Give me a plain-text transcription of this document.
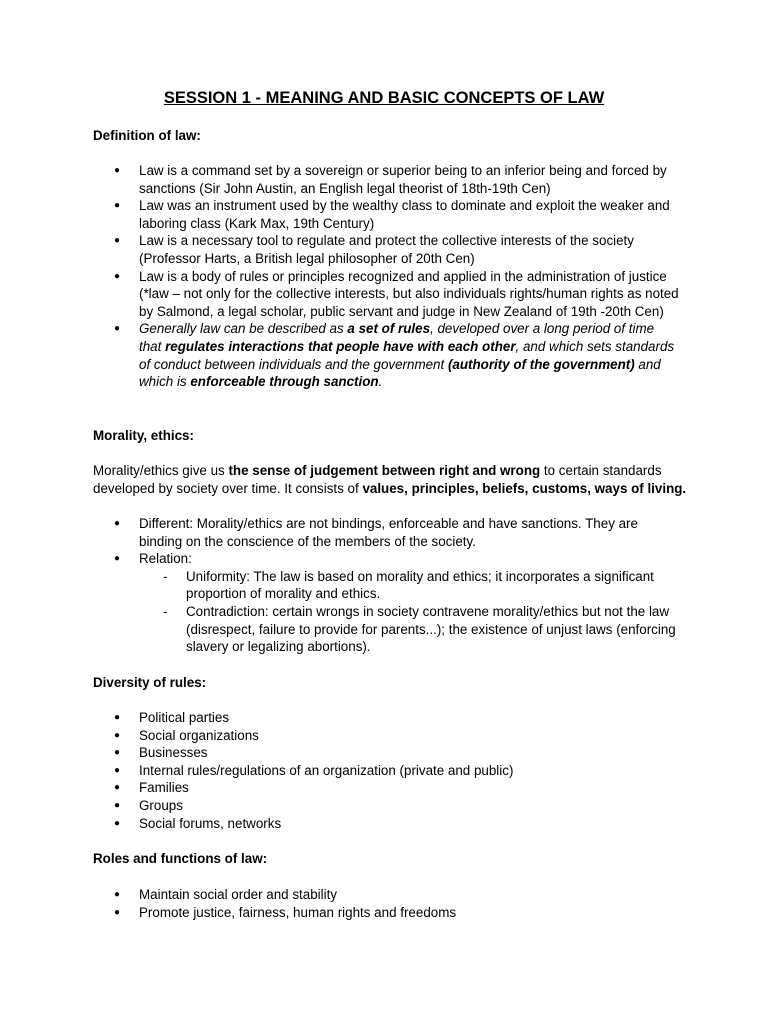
SESSION 1 - MEANING AND BASIC CONCEPTS OF LAW
Definition of law:
● Law is a command set by a sovereign or superior being to an inferior being and forced by sanctions (Sir John Austin, an English legal theorist of 18th-19th Cen)
● Law was an instrument used by the wealthy class to dominate and exploit the weaker and laboring class (Kark Max, 19th Century)
● Law is a necessary tool to regulate and protect the collective interests of the society (Professor Harts, a British legal philosopher of 20th Cen)
● Law is a body of rules or principles recognized and applied in the administration of justice (*law – not only for the collective interests, but also individuals rights/human rights as noted by Salmond, a legal scholar, public servant and judge in New Zealand of 19th -20th Cen)
● Generally law can be described as a set of rules, developed over a long period of time that regulates interactions that people have with each other, and which sets standards of conduct between individuals and the government (authority of the government) and which is enforceable through sanction.
Morality, ethics:
Morality/ethics give us the sense of judgement between right and wrong to certain standards developed by society over time. It consists of values, principles, beliefs, customs, ways of living.
● Different: Morality/ethics are not bindings, enforceable and have sanctions. They are binding on the conscience of the members of the society.
● Relation:
- Uniformity: The law is based on morality and ethics; it incorporates a significant proportion of morality and ethics.
- Contradiction: certain wrongs in society contravene morality/ethics but not the law (disrespect, failure to provide for parents...); the existence of unjust laws (enforcing slavery or legalizing abortions).
Diversity of rules:
● Political parties
● Social organizations
● Businesses
● Internal rules/regulations of an organization (private and public)
● Families
● Groups
● Social forums, networks
Roles and functions of law:
● Maintain social order and stability
● Promote justice, fairness, human rights and freedoms
